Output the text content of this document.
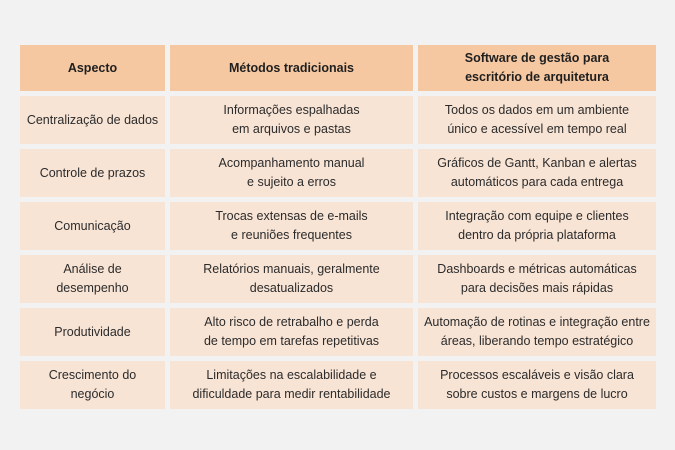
Aspecto	Métodos tradicionais
Software de gestão para
escritório de arquitetura
Centralização de dados
Informações espalhadas
em arquivos e pastas
Todos os dados em um ambiente
único e acessível em tempo real
Controle de prazos
Acompanhamento manual
e sujeito a erros
Gráficos de Gantt, Kanban e alertas
automáticos para cada entrega
Comunicação
Trocas extensas de e-mails
e reuniões frequentes
Integração com equipe e clientes
dentro da própria plataforma
Análise de desempenho
Relatórios manuais, geralmente
desatualizados
Dashboards e métricas automáticas
para decisões mais rápidas
Produtividade
Alto risco de retrabalho e perda
de tempo em tarefas repetitivas
Automação de rotinas e integração entre
áreas, liberando tempo estratégico
Crescimento do negócio
Limitações na escalabilidade e
dificuldade para medir rentabilidade
Processos escaláveis e visão clara
sobre custos e margens de lucro
